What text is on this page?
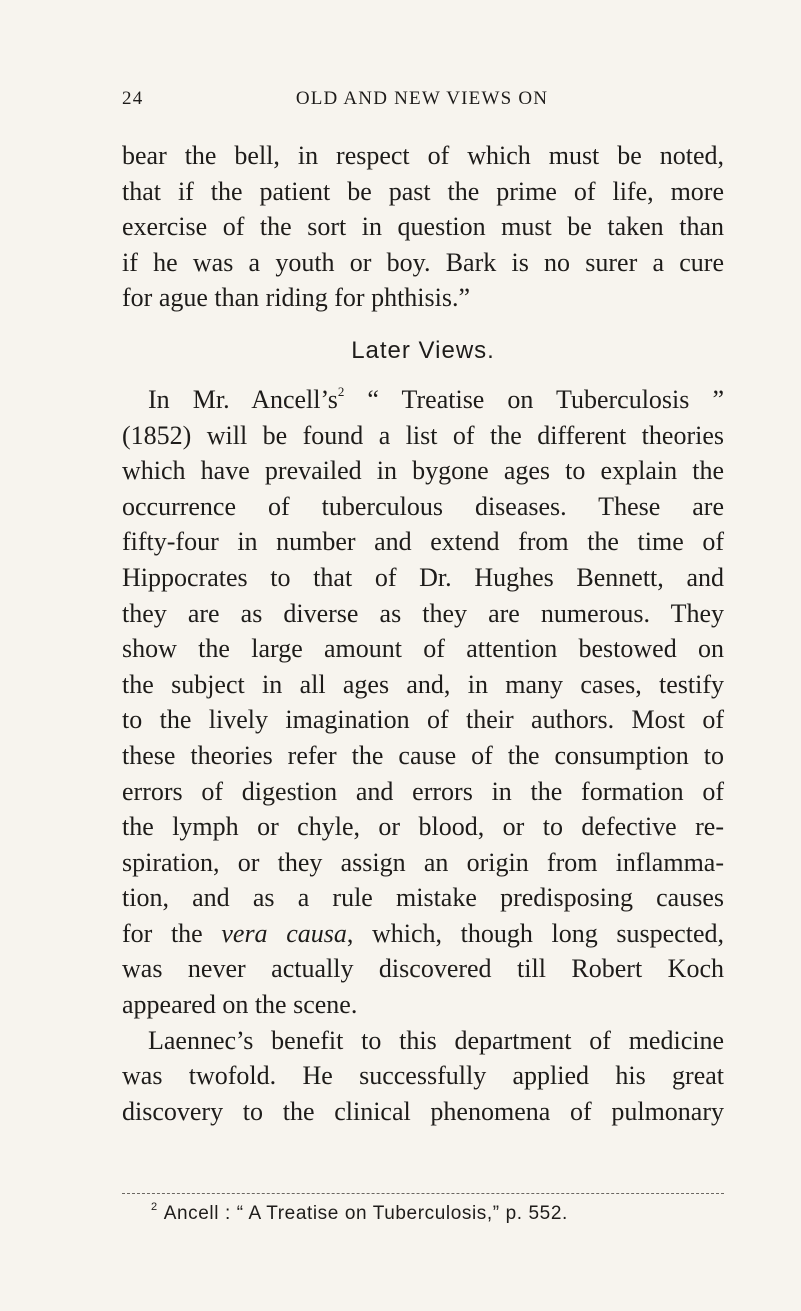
24	OLD AND NEW VIEWS ON
bear the bell, in respect of which must be noted,
that if the patient be past the prime of life, more
exercise of the sort in question must be taken than
if he was a youth or boy. Bark is no surer a cure
for ague than riding for phthisis.”
Later Views.
In Mr. $Ancell’s^2$ “ Treatise on Tuberculosis ”
(1852) will be found a list of the different theories
which have prevailed in bygone ages to explain the
occurrence of tuberculous diseases. These are
fifty-four in number and extend from the time of
Hippocrates to that of Dr. Hughes Bennett, and
they are as diverse as they are numerous. They
show the large amount of attention bestowed on
the subject in all ages and, in many cases, testify
to the lively imagination of their authors. Most of
these theories refer the cause of the consumption to
errors of digestion and errors in the formation of
the lymph or chyle, or blood, or to defective re-
spiration, or they assign an origin from inflamma-
tion, and as a rule mistake predisposing causes
for the vera causa, which, though long suspected,
was never actually discovered till Robert Koch
appeared on the scene.
Laennec’s benefit to this department of medicine
was twofold. He successfully applied his great
discovery to the clinical phenomena of pulmonary
$^2$ Ancell : “ A Treatise on Tuberculosis,” p. 552.
